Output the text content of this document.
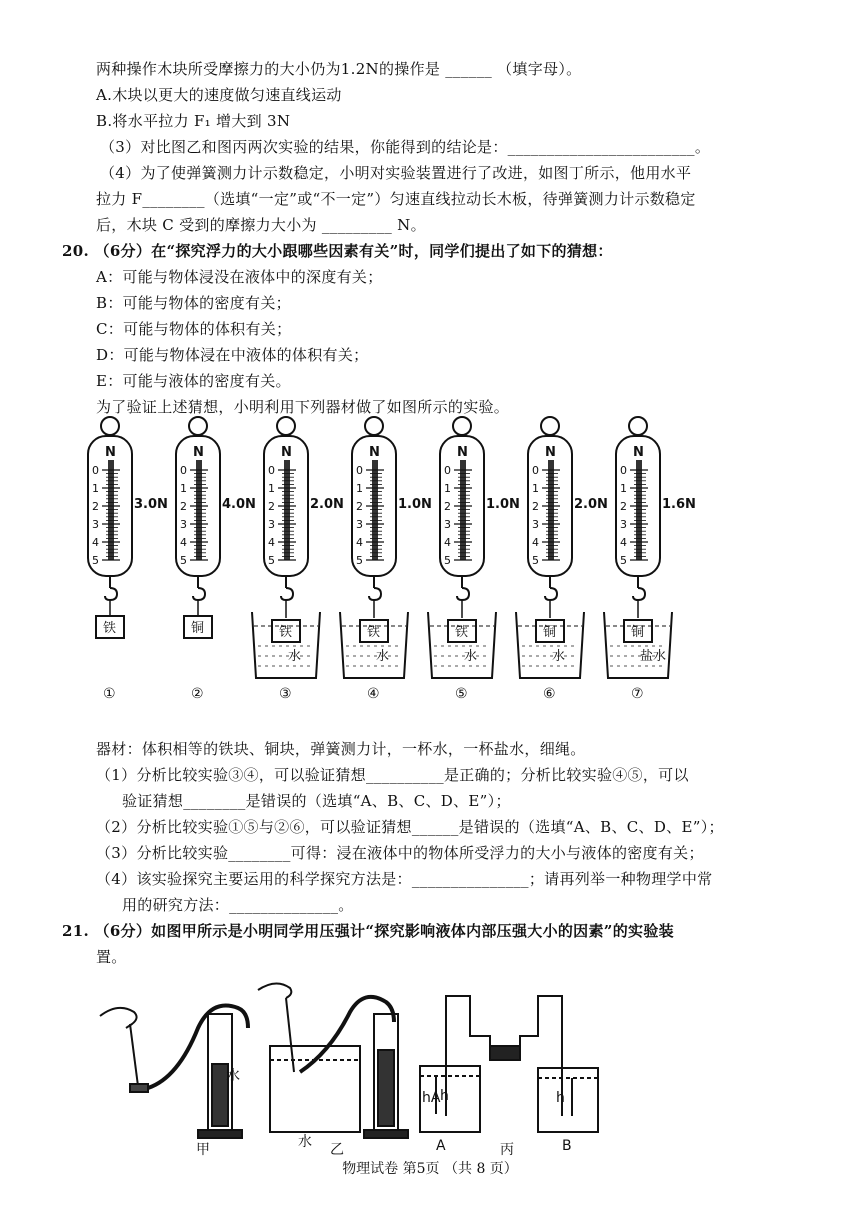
两种操作木块所受摩擦力的大小仍为1.2N的操作是 ______ （填字母）。
A.木块以更大的速度做匀速直线运动
B.将水平拉力 F₁ 增大到 3N
（3）对比图乙和图丙两次实验的结果，你能得到的结论是：________________________。
（4）为了使弹簧测力计示数稳定，小明对实验装置进行了改进，如图丁所示，他用水平
拉力 F________（选填“一定”或“不一定”）匀速直线拉动长木板，待弹簧测力计示数稳定
后，木块 C 受到的摩擦力大小为 _________ N。
20. （6分）在“探究浮力的大小跟哪些因素有关”时，同学们提出了如下的猜想：
A：可能与物体浸没在液体中的深度有关；
B：可能与物体的密度有关；
C：可能与物体的体积有关；
D：可能与物体浸在中液体的体积有关；
E：可能与液体的密度有关。
为了验证上述猜想，小明利用下列器材做了如图所示的实验。
N
0
1
2
3
4
5
3.0N
铁
①
N
0
1
2
3
4
5
4.0N
铜
②
N
0
1
2
3
4
5
2.0N
铁
水
③
N
0
1
2
3
4
5
1.0N
铁
水
④
N
0
1
2
3
4
5
1.0N
铁
水
⑤
N
0
1
2
3
4
5
2.0N
铜
水
⑥
N
0
1
2
3
4
5
1.6N
铜
盐水
⑦
器材：体积相等的铁块、铜块，弹簧测力计，一杯水，一杯盐水，细绳。
（1）分析比较实验③④，可以验证猜想__________是正确的；分析比较实验④⑤，可以
验证猜想________是错误的（选填“A、B、C、D、E”）；
（2）分析比较实验①⑤与②⑥，可以验证猜想______是错误的（选填“A、B、C、D、E”）；
（3）分析比较实验________可得：浸在液体中的物体所受浮力的大小与液体的密度有关；
（4）该实验探究主要运用的科学探究方法是：_______________；请再列举一种物理学中常
用的研究方法：______________。
21. （6分）如图甲所示是小明同学用压强计“探究影响液体内部压强大小的因素”的实验装
置。
水
甲	水 乙
hA h	h
A	丙	B
物理试卷 第5页 （共 8 页）
